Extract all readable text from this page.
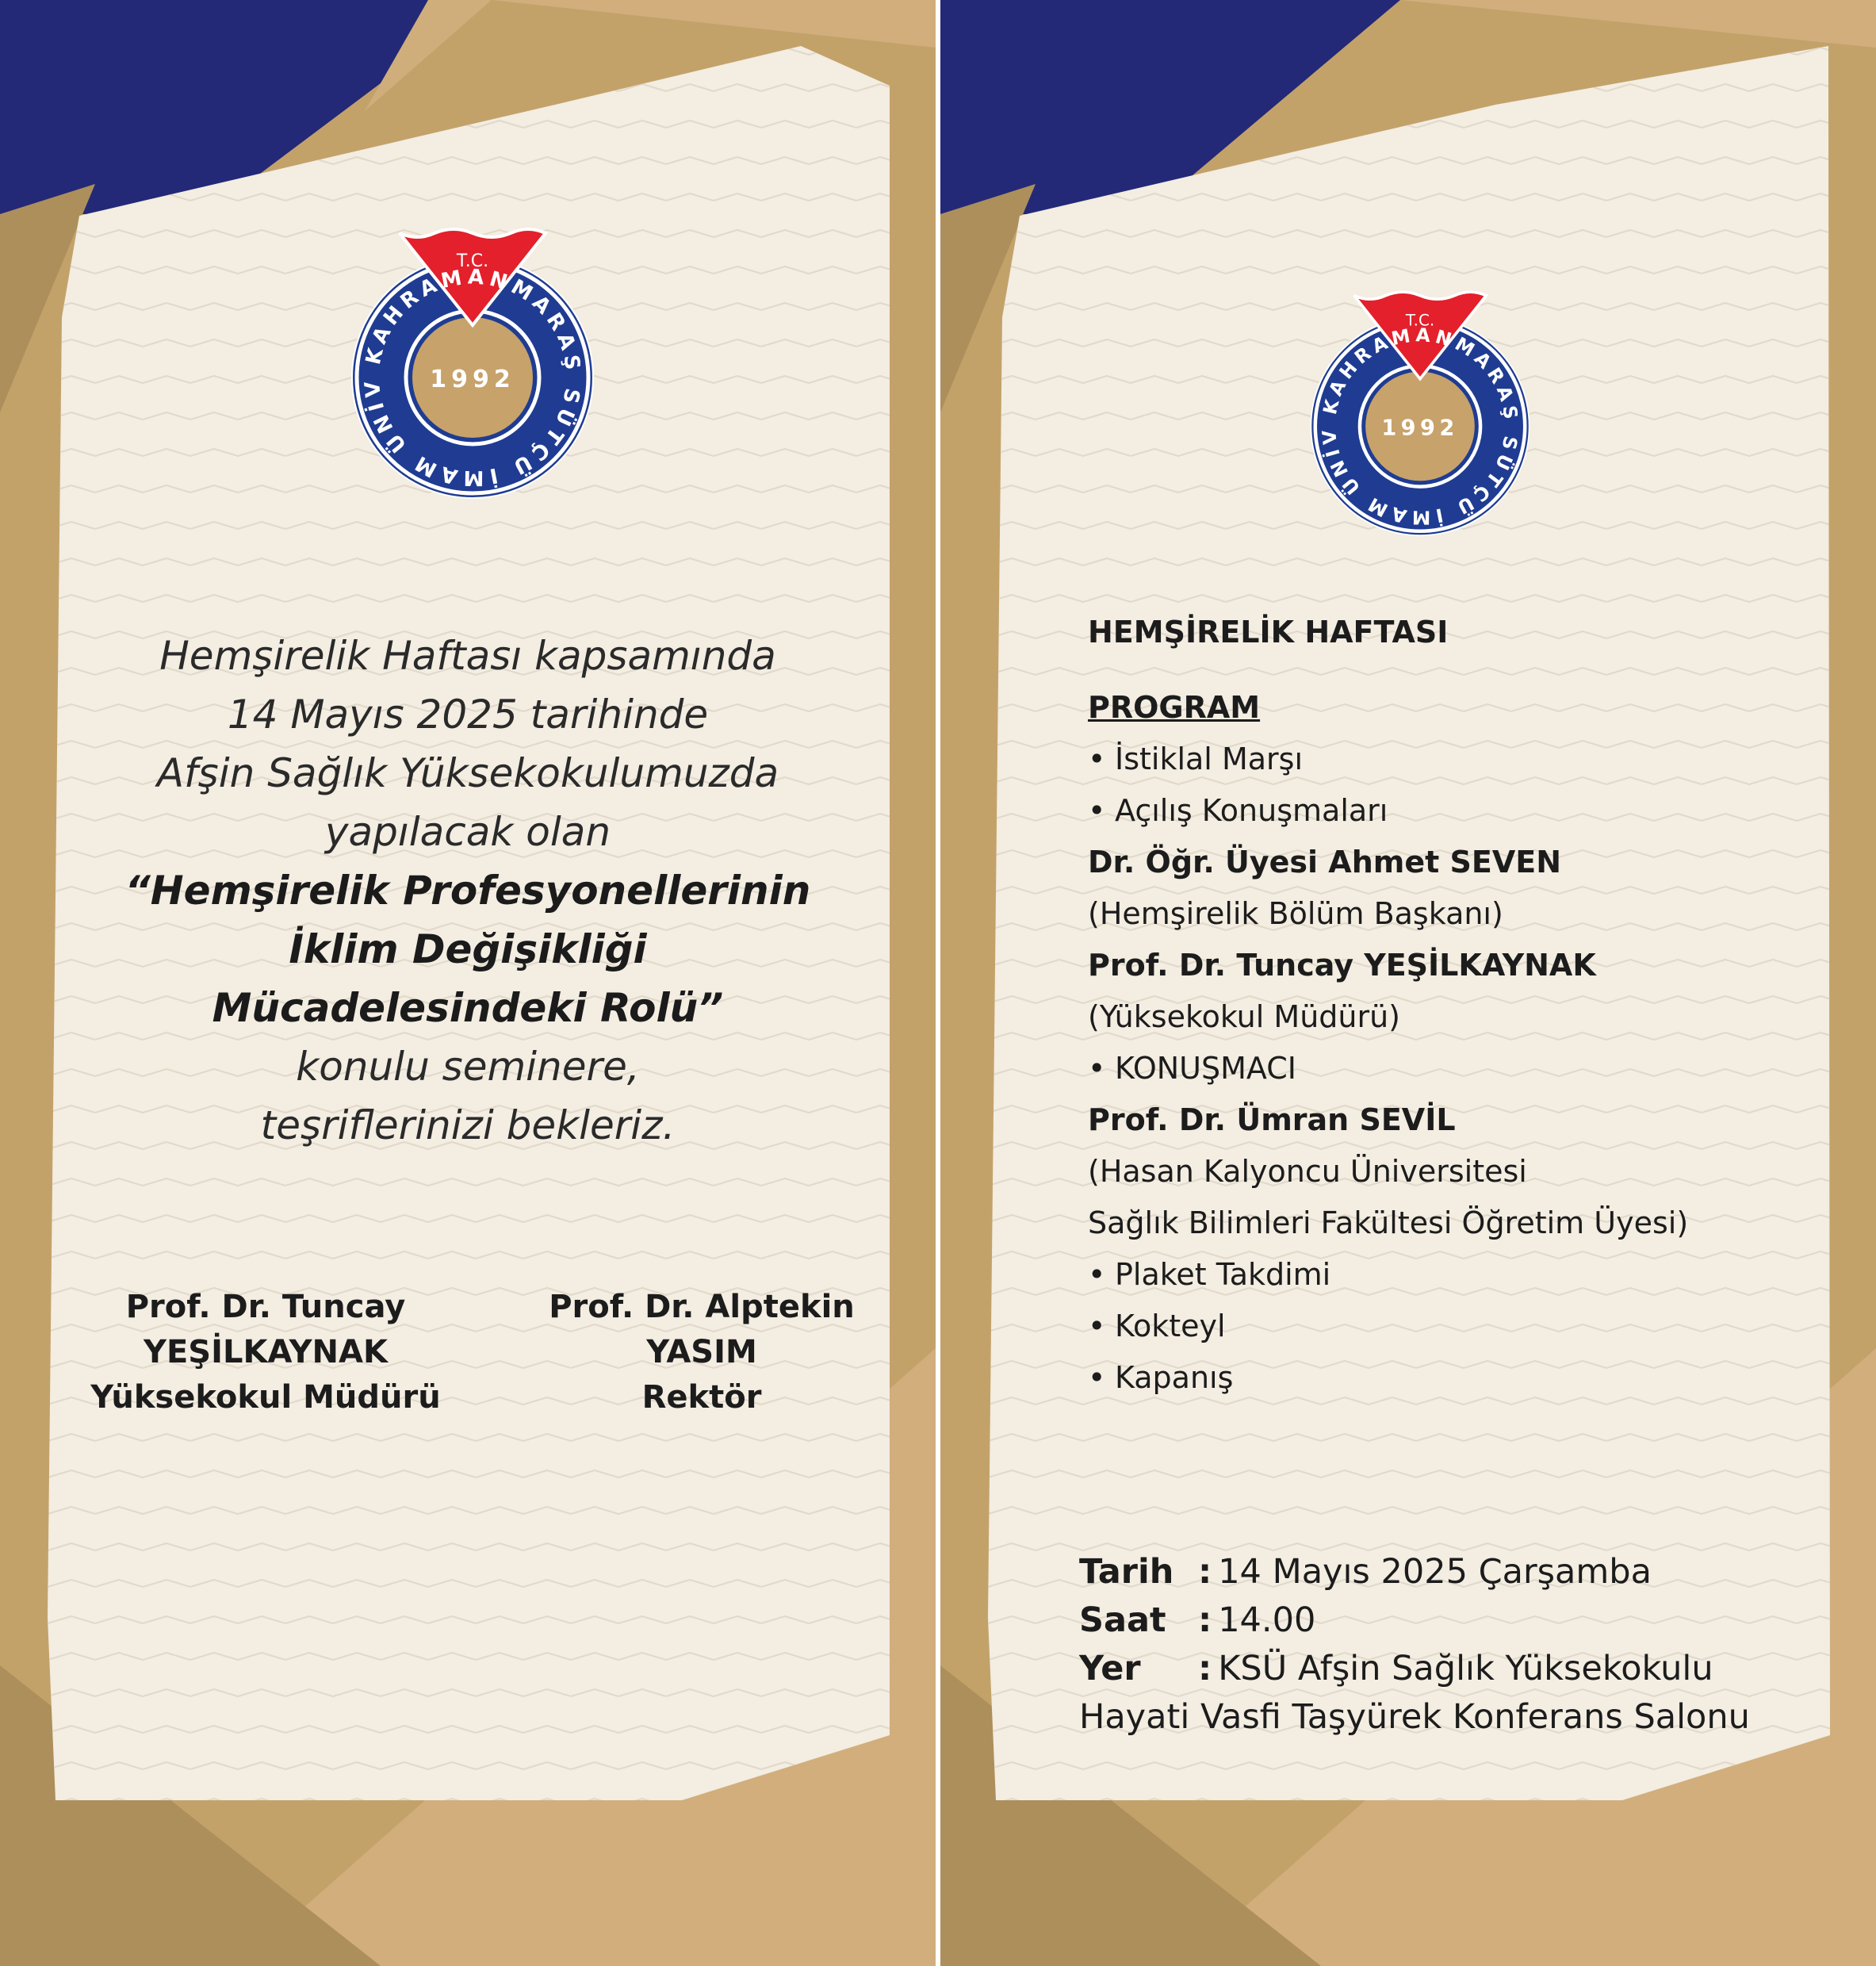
KAHRAMANMARAŞ SÜTÇÜ İMAM ÜNİV
T.C.
1992
Hemşirelik Haftası kapsamında
14 Mayıs 2025 tarihinde
Afşin Sağlık Yüksekokulumuzda
yapılacak olan
“Hemşirelik Profesyonellerinin
İklim Değişikliği
Mücadelesindeki Rolü”
konulu seminere,
teşriflerinizi bekleriz.
Prof. Dr. Tuncay
YEŞİLKAYNAK
Yüksekokul Müdürü
Prof. Dr. Alptekin
YASIM
Rektör
KAHRAMANMARAŞ SÜTÇÜ İMAM ÜNİV
T.C.
1992
HEMŞİRELİK HAFTASI
PROGRAM
• İstiklal Marşı
• Açılış Konuşmaları
Dr. Öğr. Üyesi Ahmet SEVEN
(Hemşirelik Bölüm Başkanı)
Prof. Dr. Tuncay YEŞİLKAYNAK
(Yüksekokul Müdürü)
• KONUŞMACI
Prof. Dr. Ümran SEVİL
(Hasan Kalyoncu Üniversitesi
Sağlık Bilimleri Fakültesi Öğretim Üyesi)
• Plaket Takdimi
• Kokteyl
• Kapanış
Tarih : 14 Mayıs 2025 Çarşamba
Saat : 14.00
Yer : KSÜ Afşin Sağlık Yüksekokulu
Hayati Vasfi Taşyürek Konferans Salonu
